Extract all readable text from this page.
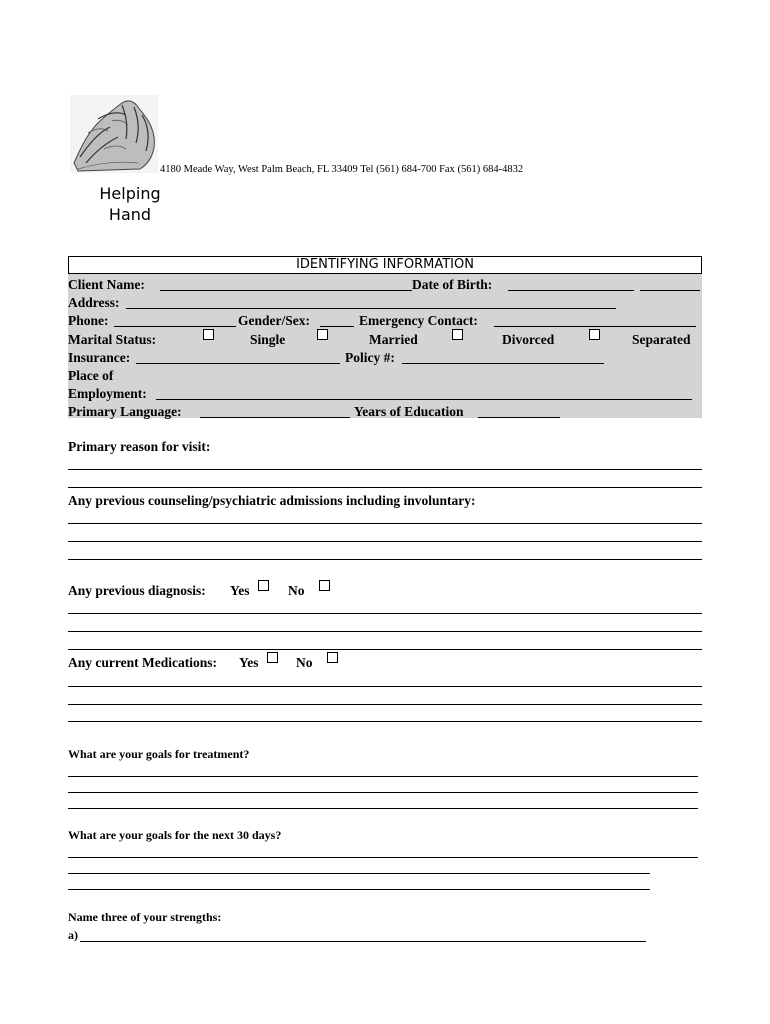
4180 Meade Way, West Palm Beach, FL 33409 Tel (561) 684-700 Fax (561) 684-4832
Helping
Hand
IDENTIFYING INFORMATION
Client Name:	Date of Birth:
Address:
Phone:	Gender/Sex:	Emergency Contact:
Marital Status:	Single	Married	Divorced	Separated
Insurance:	Policy #:
Place of
Employment:
Primary Language:	Years of Education
Primary reason for visit:
Any previous counseling/psychiatric admissions including involuntary:
Any previous diagnosis: Yes	No
Any current Medications: Yes	No
What are your goals for treatment?
What are your goals for the next 30 days?
Name three of your strengths:
a)
